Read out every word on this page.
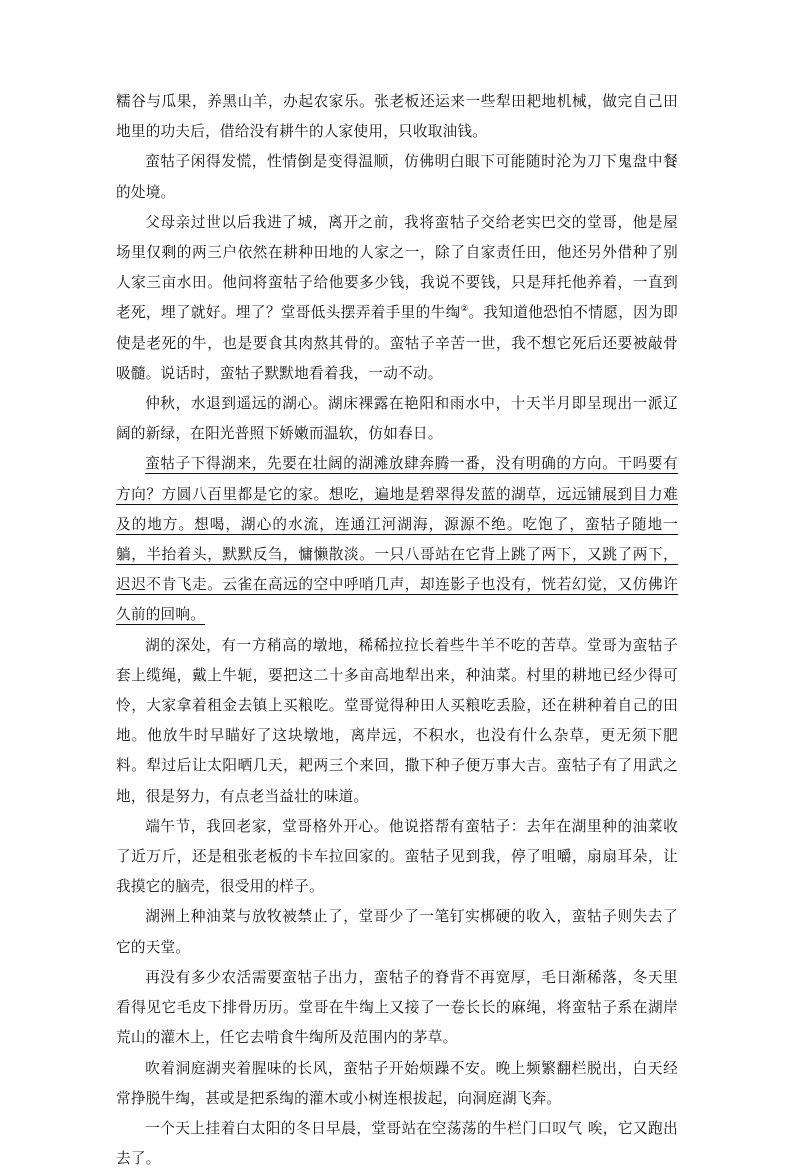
糯谷与瓜果，养黑山羊，办起农家乐。张老板还运来一些犁田耙地机械，做完自己田地里的功夫后，借给没有耕牛的人家使用，只收取油钱。

蛮牯子闲得发慌，性情倒是变得温顺，仿佛明白眼下可能随时沦为刀下鬼盘中餐的处境。

父母亲过世以后我进了城，离开之前，我将蛮牯子交给老实巴交的堂哥，他是屋场里仅剩的两三户依然在耕种田地的人家之一，除了自家责任田，他还另外借种了别人家三亩水田。他问将蛮牯子给他要多少钱，我说不要钱，只是拜托他养着，一直到老死，埋了就好。埋了？堂哥低头摆弄着手里的牛绹②。我知道他恐怕不情愿，因为即使是老死的牛，也是要食其肉熬其骨的。蛮牯子辛苦一世，我不想它死后还要被敲骨吸髓。说话时，蛮牯子默默地看着我，一动不动。

仲秋，水退到遥远的湖心。湖床裸露在艳阳和雨水中，十天半月即呈现出一派辽阔的新绿，在阳光普照下娇嫩而温软，仿如春日。

蛮牯子下得湖来，先要在壮阔的湖滩放肆奔腾一番，没有明确的方向。干吗要有方向？方圆八百里都是它的家。想吃，遍地是碧翠得发蓝的湖草，远远铺展到目力难及的地方。想喝，湖心的水流，连通江河湖海，源源不绝。吃饱了，蛮牯子随地一躺，半抬着头，默默反刍，慵懒散淡。一只八哥站在它背上跳了两下，又跳了两下，迟迟不肯飞走。云雀在高远的空中呼哨几声，却连影子也没有，恍若幻觉，又仿佛许久前的回响。

湖的深处，有一方稍高的墩地，稀稀拉拉长着些牛羊不吃的苦草。堂哥为蛮牯子套上缆绳，戴上牛轭，要把这二十多亩高地犁出来，种油菜。村里的耕地已经少得可怜，大家拿着租金去镇上买粮吃。堂哥觉得种田人买粮吃丢脸，还在耕种着自己的田地。他放牛时早瞄好了这块墩地，离岸远，不积水，也没有什么杂草，更无须下肥料。犁过后让太阳晒几天，耙两三个来回，撒下种子便万事大吉。蛮牯子有了用武之地，很是努力，有点老当益壮的味道。

端午节，我回老家，堂哥格外开心。他说搭帮有蛮牯子：去年在湖里种的油菜收了近万斤，还是租张老板的卡车拉回家的。蛮牯子见到我，停了咀嚼，扇扇耳朵，让我摸它的脑壳，很受用的样子。

湖洲上种油菜与放牧被禁止了，堂哥少了一笔钉实梆硬的收入，蛮牯子则失去了它的天堂。

再没有多少农活需要蛮牯子出力，蛮牯子的脊背不再宽厚，毛日渐稀落，冬天里看得见它毛皮下排骨历历。堂哥在牛绹上又接了一卷长长的麻绳，将蛮牯子系在湖岸荒山的灌木上，任它去啃食牛绹所及范围内的茅草。

吹着洞庭湖夹着腥味的长风，蛮牯子开始烦躁不安。晚上频繁翻栏脱出，白天经常挣脱牛绹，甚或是把系绹的灌木或小树连根拔起，向洞庭湖飞奔。

一个天上挂着白太阳的冬日早晨，堂哥站在空荡荡的牛栏门口叹气 唉，它又跑出去了。
